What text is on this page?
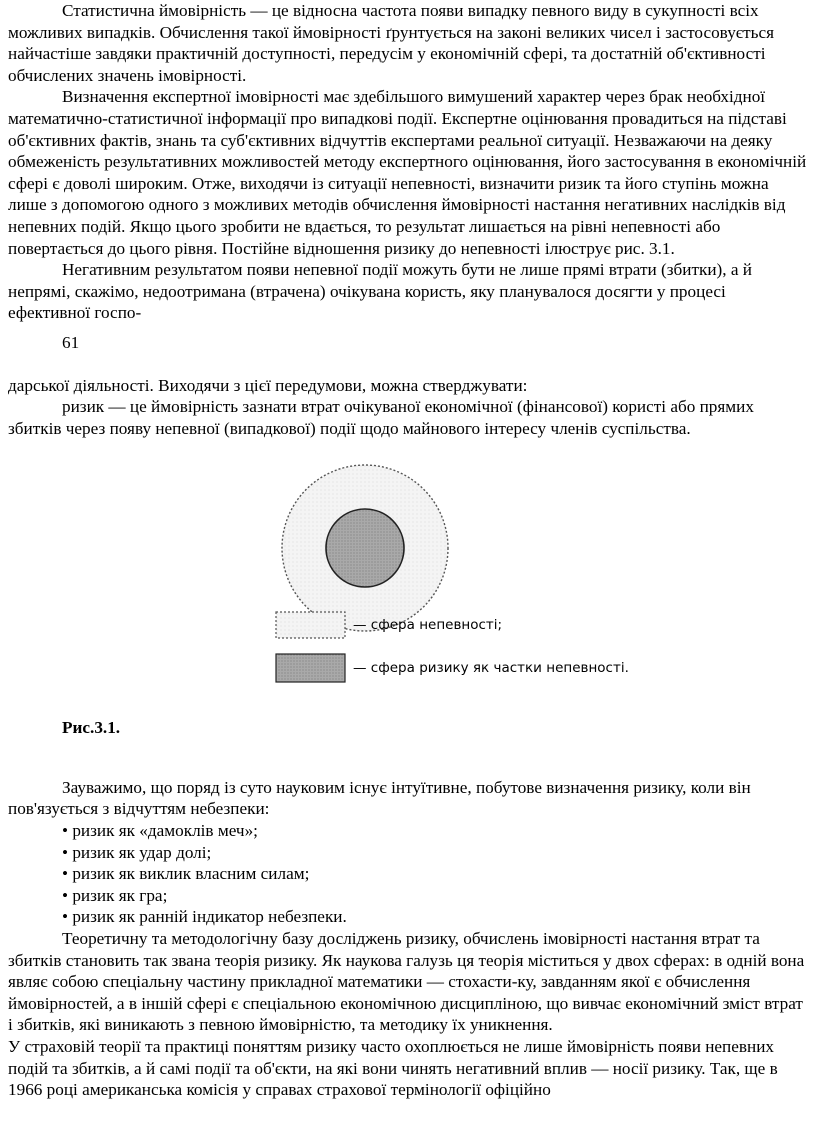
Статистична ймовірність — це відносна частота появи випадку певного виду в сукупності всіх можливих випадків. Обчислення такої ймовірності ґрунтується на законі великих чисел і застосовується найчастіше завдяки практичній доступності, передусім у економічній сфері, та достатній об'єктивності обчислених значень імовірності.

Визначення експертної імовірності має здебільшого вимушений характер через брак необхідної математично-статистичної інформації про випадкові події. Експертне оцінювання провадиться на підставі об'єктивних фактів, знань та суб'єктивних відчуттів експертами реальної ситуації. Незважаючи на деяку обмеженість результативних можливостей методу експертного оцінювання, його застосування в економічній сфері є доволі широким. Отже, виходячи із ситуації непевності, визначити ризик та його ступінь можна лише з допомогою одного з можливих методів обчислення ймовірності настання негативних наслідків від непевних подій. Якщо цього зробити не вдається, то результат лишається на рівні непевності або повертається до цього рівня. Постійне відношення ризику до непевності ілюструє рис. 3.1.

Негативним результатом появи непевної події можуть бути не лише прямі втрати (збитки), а й непрямі, скажімо, недоотримана (втрачена) очікувана користь, яку планувалося досягти у процесі ефективної госпо-

61

дарської діяльності. Виходячи з цієї передумови, можна стверджувати:

ризик — це ймовірність зазнати втрат очікуваної економічної (фінансової) користі або прямих збитків через появу непевної (випадкової) події щодо майнового інтересу членів суспільства.

— сфера непевності;
— сфера ризику як частки непевності.

Рис.3.1.

Зауважимо, що поряд із суто науковим існує інтуїтивне, побутове визначення ризику, коли він пов'язується з відчуттям небезпеки:

• ризик як «дамоклів меч»;

• ризик як удар долі;

• ризик як виклик власним силам;

• ризик як гра;

• ризик як ранній індикатор небезпеки.

Теоретичну та методологічну базу досліджень ризику, обчислень імовірності настання втрат та збитків становить так звана теорія ризику. Як наукова галузь ця теорія міститься у двох сферах: в одній вона являє собою спеціальну частину прикладної математики — стохасти-ку, завданням якої є обчислення ймовірностей, а в іншій сфері є спеціальною економічною дисципліною, що вивчає економічний зміст втрат і збитків, які виникають з певною ймовірністю, та методику їх уникнення.

У страховій теорії та практиці поняттям ризику часто охоплюється не лише ймовірність появи непевних подій та збитків, а й самі події та об'єкти, на які вони чинять негативний вплив — носії ризику. Так, ще в 1966 році американська комісія у справах страхової термінології офіційно
